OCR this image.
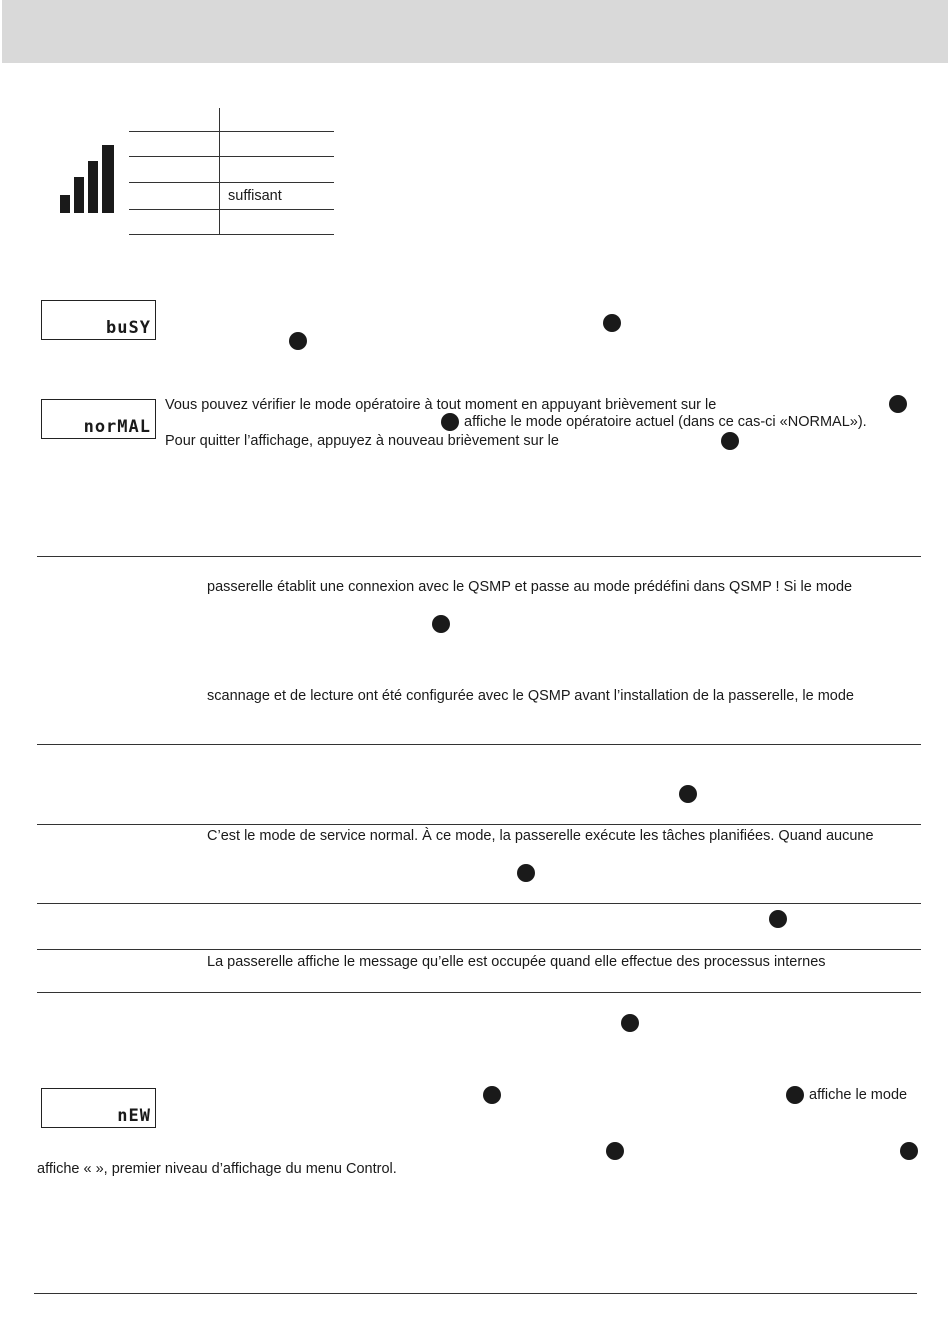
suffisant
buSY
norMAL
Vous pouvez vérifier le mode opératoire à tout moment en appuyant brièvement sur le
affiche le mode opératoire actuel (dans ce cas-ci «NORMAL»).
Pour quitter l’affichage, appuyez à nouveau brièvement sur le
passerelle établit une connexion avec le QSMP et passe au mode prédéfini dans QSMP ! Si le mode
scannage et de lecture ont été configurée avec le QSMP avant l’installation de la passerelle, le mode
C’est le mode de service normal. À ce mode, la passerelle exécute les tâches planifiées. Quand aucune
La passerelle affiche le message qu’elle est occupée quand elle effectue des processus internes
nEW
affiche le mode
affiche « », premier niveau d’affichage du menu Control.
